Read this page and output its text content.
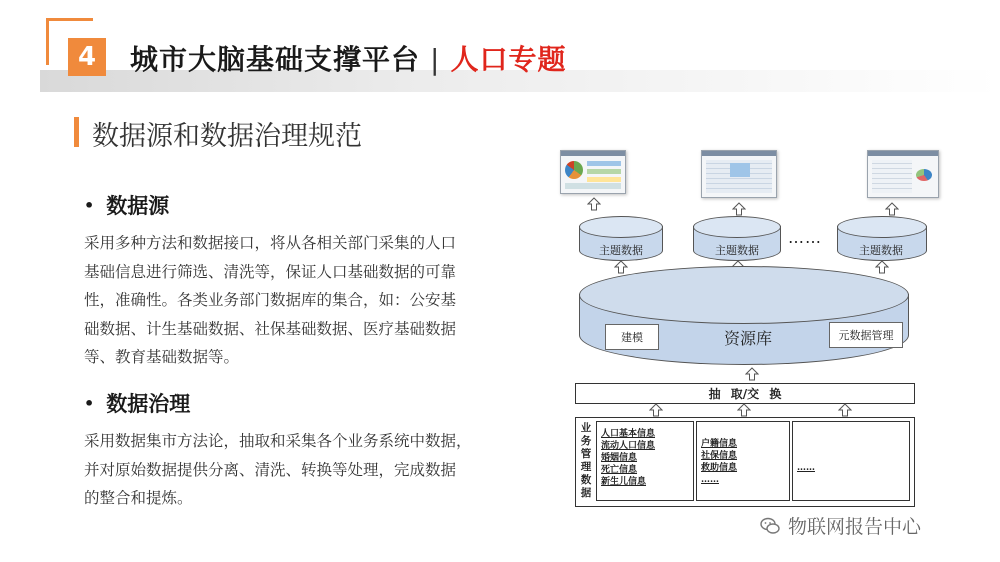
4	城市大脑基础支撑平台 | 人口专题
数据源和数据治理规范
• 数据源
采用多种方法和数据接口，将从各相关部门采集的人口
基础信息进行筛选、清洗等，保证人口基础数据的可靠
性，准确性。各类业务部门数据库的集合，如：公安基
础数据、计生基础数据、社保基础数据、医疗基础数据
等、教育基础数据等。
• 数据治理
采用数据集市方法论，抽取和采集各个业务系统中数据，
并对原始数据提供分离、清洗、转换等处理，完成数据
的整合和提炼。
主题数据	主题数据
……
主题数据
建模	资源库	元数据管理
抽 取/交 换
业
务
管
理
数
据
人口基本信息
流动人口信息
婚姻信息
死亡信息
新生儿信息
户籍信息
社保信息
救助信息
……
……
物联网报告中心
